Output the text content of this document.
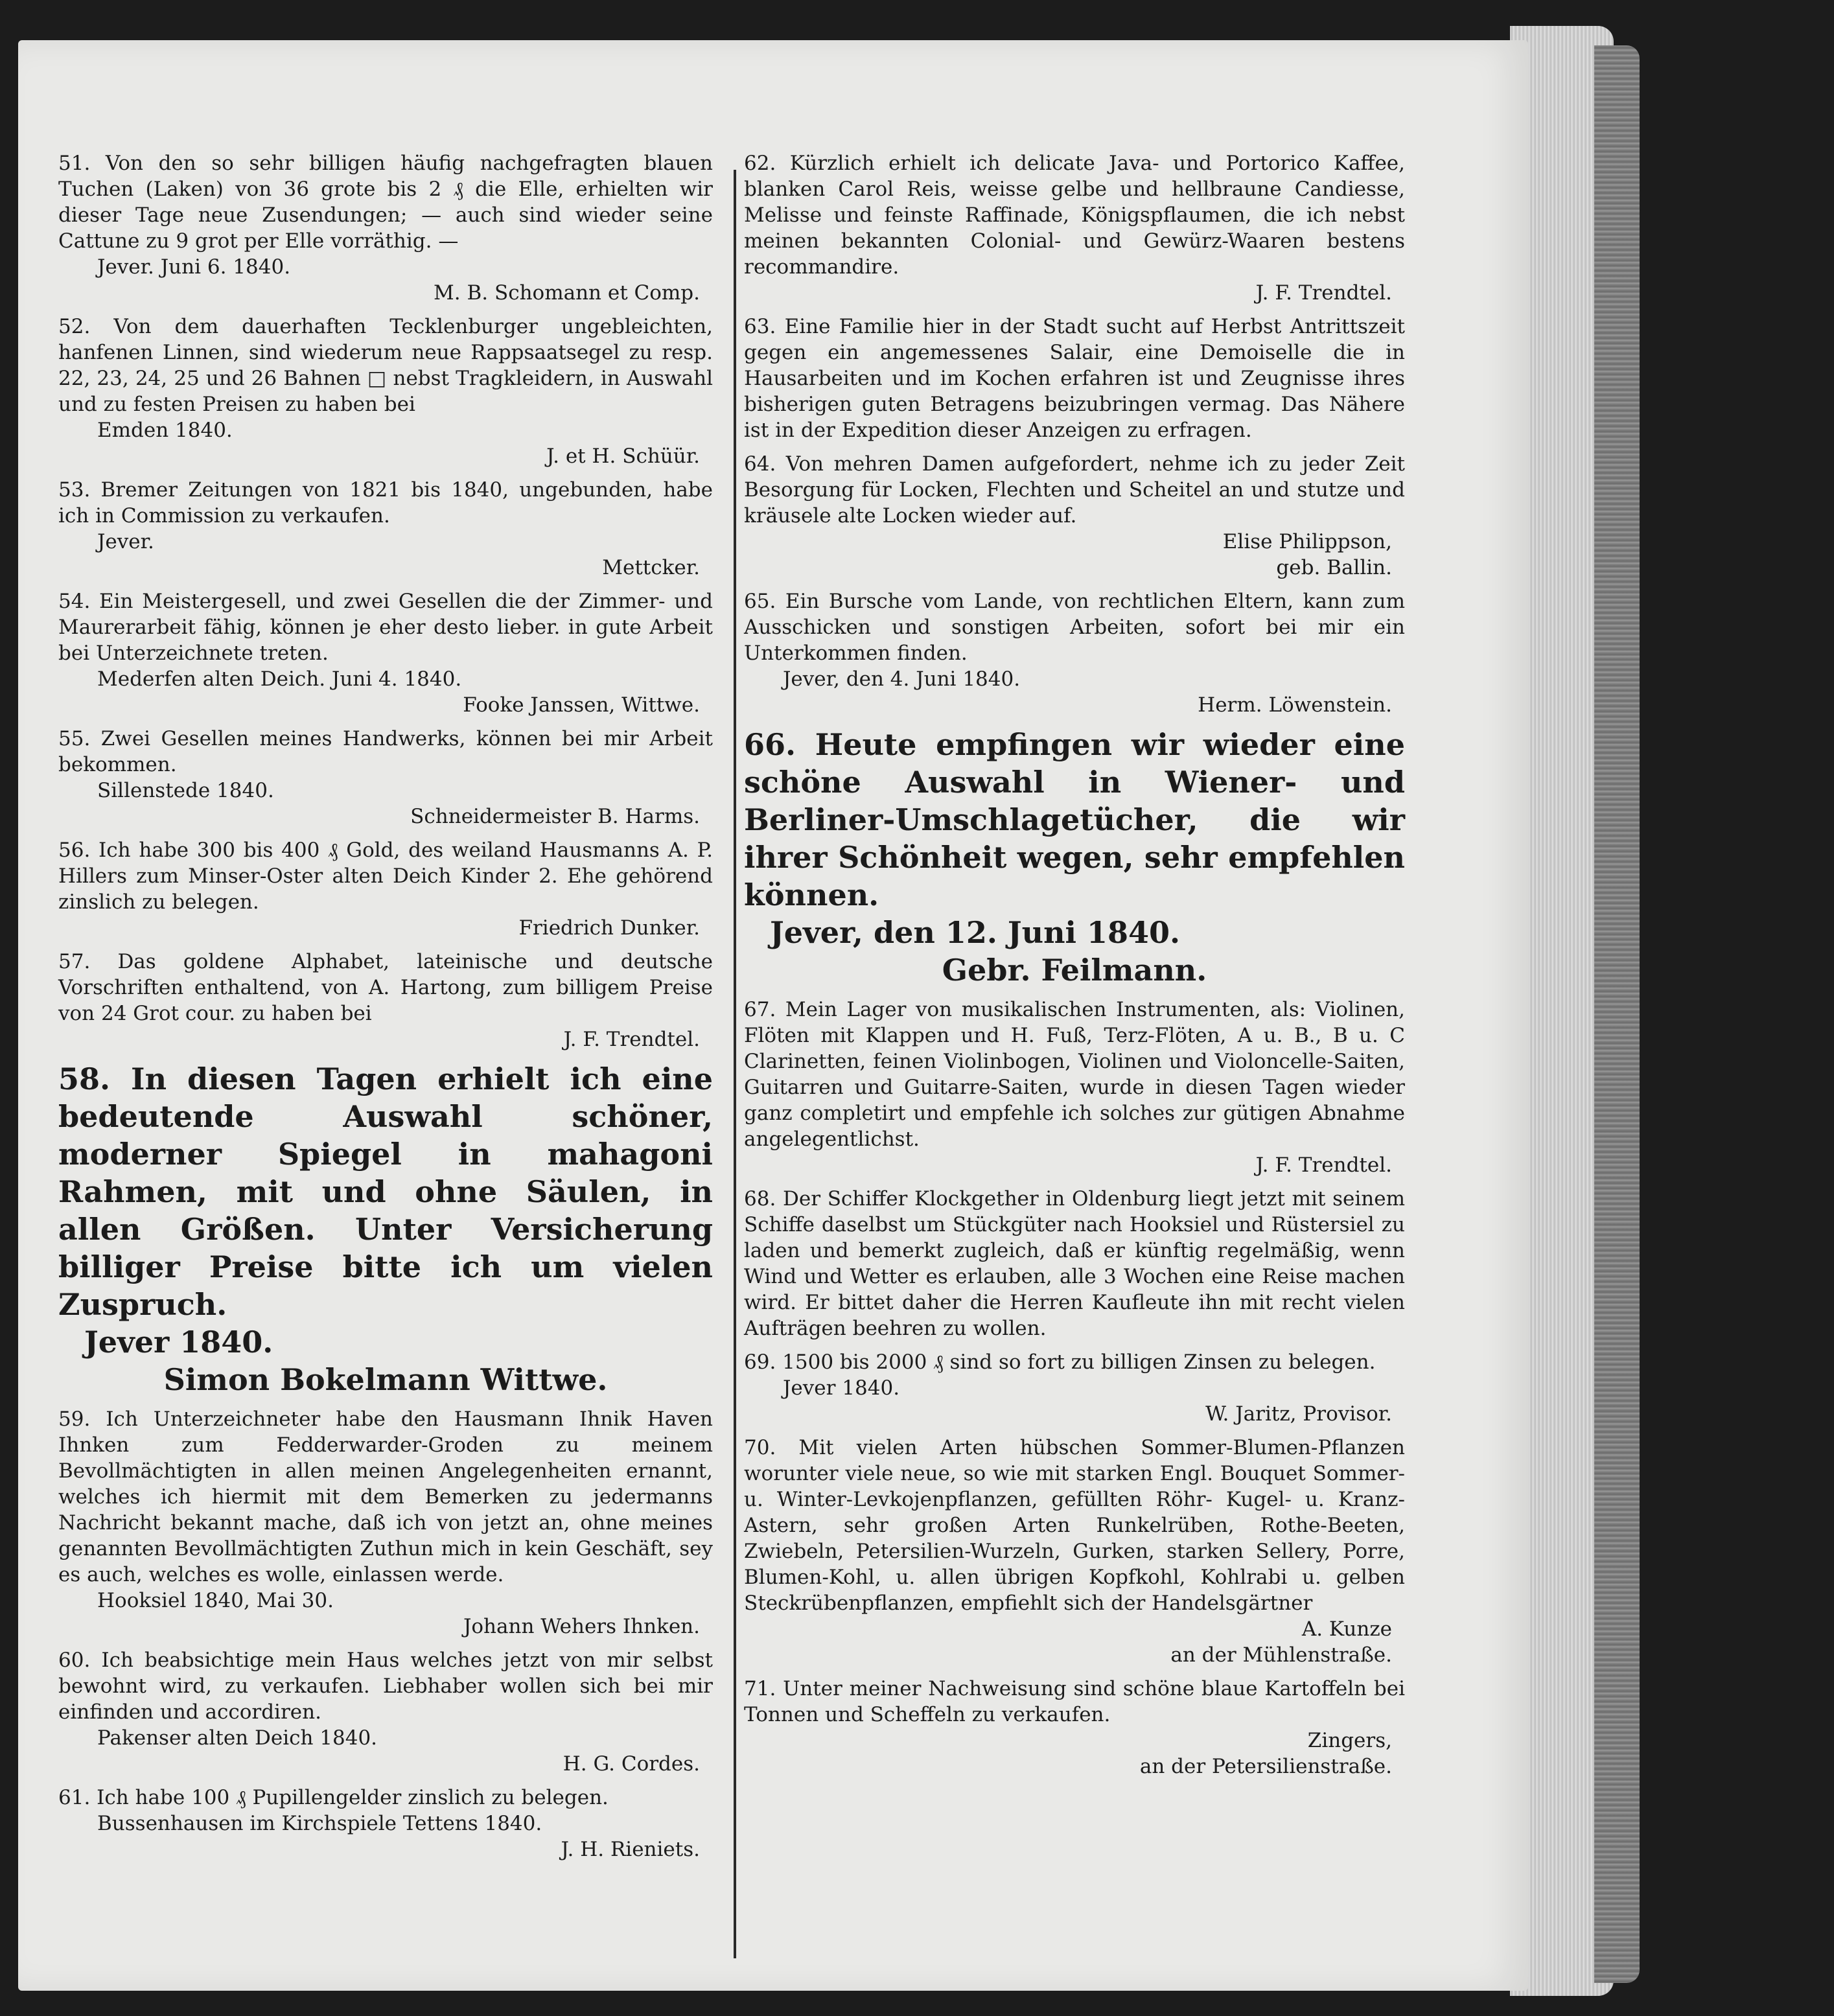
51. Von den so sehr billigen häufig nachgefragten blauen Tuchen (Laken) von 36 grote bis 2 ₰ die Elle, erhielten wir dieser Tage neue Zusendungen; — auch sind wieder seine Cattune zu 9 grot per Elle vorräthig. —
Jever. Juni 6. 1840.
M. B. Schomann et Comp.
52. Von dem dauerhaften Tecklenburger ungebleichten, hanfenen Linnen, sind wiederum neue Rappsaatsegel zu resp. 22, 23, 24, 25 und 26 Bahnen □ nebst Tragkleidern, in Auswahl und zu festen Preisen zu haben bei
Emden 1840.
J. et H. Schüür.
53. Bremer Zeitungen von 1821 bis 1840, ungebunden, habe ich in Commission zu verkaufen.
Jever.
Mettcker.
54. Ein Meistergesell, und zwei Gesellen die der Zimmer- und Maurerarbeit fähig, können je eher desto lieber. in gute Arbeit bei Unterzeichnete treten.
Mederfen alten Deich. Juni 4. 1840.
Fooke Janssen, Wittwe.
55. Zwei Gesellen meines Handwerks, können bei mir Arbeit bekommen.
Sillenstede 1840.
Schneidermeister B. Harms.
56. Ich habe 300 bis 400 ₰ Gold, des weiland Hausmanns A. P. Hillers zum Minser-Oster alten Deich Kinder 2. Ehe gehörend zinslich zu belegen.
Friedrich Dunker.
57. Das goldene Alphabet, lateinische und deutsche Vorschriften enthaltend, von A. Hartong, zum billigem Preise von 24 Grot cour. zu haben bei
J. F. Trendtel.
58. In diesen Tagen erhielt ich eine bedeutende Auswahl schöner, moderner Spiegel in mahagoni Rahmen, mit und ohne Säulen, in allen Größen. Unter Versicherung billiger Preise bitte ich um vielen Zuspruch.
Jever 1840.
Simon Bokelmann Wittwe.
59. Ich Unterzeichneter habe den Hausmann Ihnik Haven Ihnken zum Fedderwarder-Groden zu meinem Bevollmächtigten in allen meinen Angelegenheiten ernannt, welches ich hiermit mit dem Bemerken zu jedermanns Nachricht bekannt mache, daß ich von jetzt an, ohne meines genannten Bevollmächtigten Zuthun mich in kein Geschäft, sey es auch, welches es wolle, einlassen werde.
Hooksiel 1840, Mai 30.
Johann Wehers Ihnken.
60. Ich beabsichtige mein Haus welches jetzt von mir selbst bewohnt wird, zu verkaufen. Liebhaber wollen sich bei mir einfinden und accordiren.
Pakenser alten Deich 1840.
H. G. Cordes.
61. Ich habe 100 ₰ Pupillengelder zinslich zu belegen.
Bussenhausen im Kirchspiele Tettens 1840.
J. H. Rieniets.
62. Kürzlich erhielt ich delicate Java- und Portorico Kaffee, blanken Carol Reis, weisse gelbe und hellbraune Candiesse, Melisse und feinste Raffinade, Königspflaumen, die ich nebst meinen bekannten Colonial- und Gewürz-Waaren bestens recommandire.
J. F. Trendtel.
63. Eine Familie hier in der Stadt sucht auf Herbst Antrittszeit gegen ein angemessenes Salair, eine Demoiselle die in Hausarbeiten und im Kochen erfahren ist und Zeugnisse ihres bisherigen guten Betragens beizubringen vermag. Das Nähere ist in der Expedition dieser Anzeigen zu erfragen.
64. Von mehren Damen aufgefordert, nehme ich zu jeder Zeit Besorgung für Locken, Flechten und Scheitel an und stutze und kräusele alte Locken wieder auf.
Elise Philippson,
geb. Ballin.
65. Ein Bursche vom Lande, von rechtlichen Eltern, kann zum Ausschicken und sonstigen Arbeiten, sofort bei mir ein Unterkommen finden.
Jever, den 4. Juni 1840.
Herm. Löwenstein.
66. Heute empfingen wir wieder eine schöne Auswahl in Wiener- und Berliner-Umschlagetücher, die wir ihrer Schönheit wegen, sehr empfehlen können.
Jever, den 12. Juni 1840.
Gebr. Feilmann.
67. Mein Lager von musikalischen Instrumenten, als: Violinen, Flöten mit Klappen und H. Fuß, Terz-Flöten, A u. B., B u. C Clarinetten, feinen Violinbogen, Violinen und Violoncelle-Saiten, Guitarren und Guitarre-Saiten, wurde in diesen Tagen wieder ganz completirt und empfehle ich solches zur gütigen Abnahme angelegentlichst.
J. F. Trendtel.
68. Der Schiffer Klockgether in Oldenburg liegt jetzt mit seinem Schiffe daselbst um Stückgüter nach Hooksiel und Rüstersiel zu laden und bemerkt zugleich, daß er künftig regelmäßig, wenn Wind und Wetter es erlauben, alle 3 Wochen eine Reise machen wird. Er bittet daher die Herren Kaufleute ihn mit recht vielen Aufträgen beehren zu wollen.
69. 1500 bis 2000 ₰ sind so fort zu billigen Zinsen zu belegen.
Jever 1840.
W. Jaritz, Provisor.
70. Mit vielen Arten hübschen Sommer-Blumen-Pflanzen worunter viele neue, so wie mit starken Engl. Bouquet Sommer- u. Winter-Levkojenpflanzen, gefüllten Röhr- Kugel- u. Kranz-Astern, sehr großen Arten Runkelrüben, Rothe-Beeten, Zwiebeln, Petersilien-Wurzeln, Gurken, starken Sellery, Porre, Blumen-Kohl, u. allen übrigen Kopfkohl, Kohlrabi u. gelben Steckrübenpflanzen, empfiehlt sich der Handelsgärtner
A. Kunze
an der Mühlenstraße.
71. Unter meiner Nachweisung sind schöne blaue Kartoffeln bei Tonnen und Scheffeln zu verkaufen.
Zingers,
an der Petersilienstraße.
